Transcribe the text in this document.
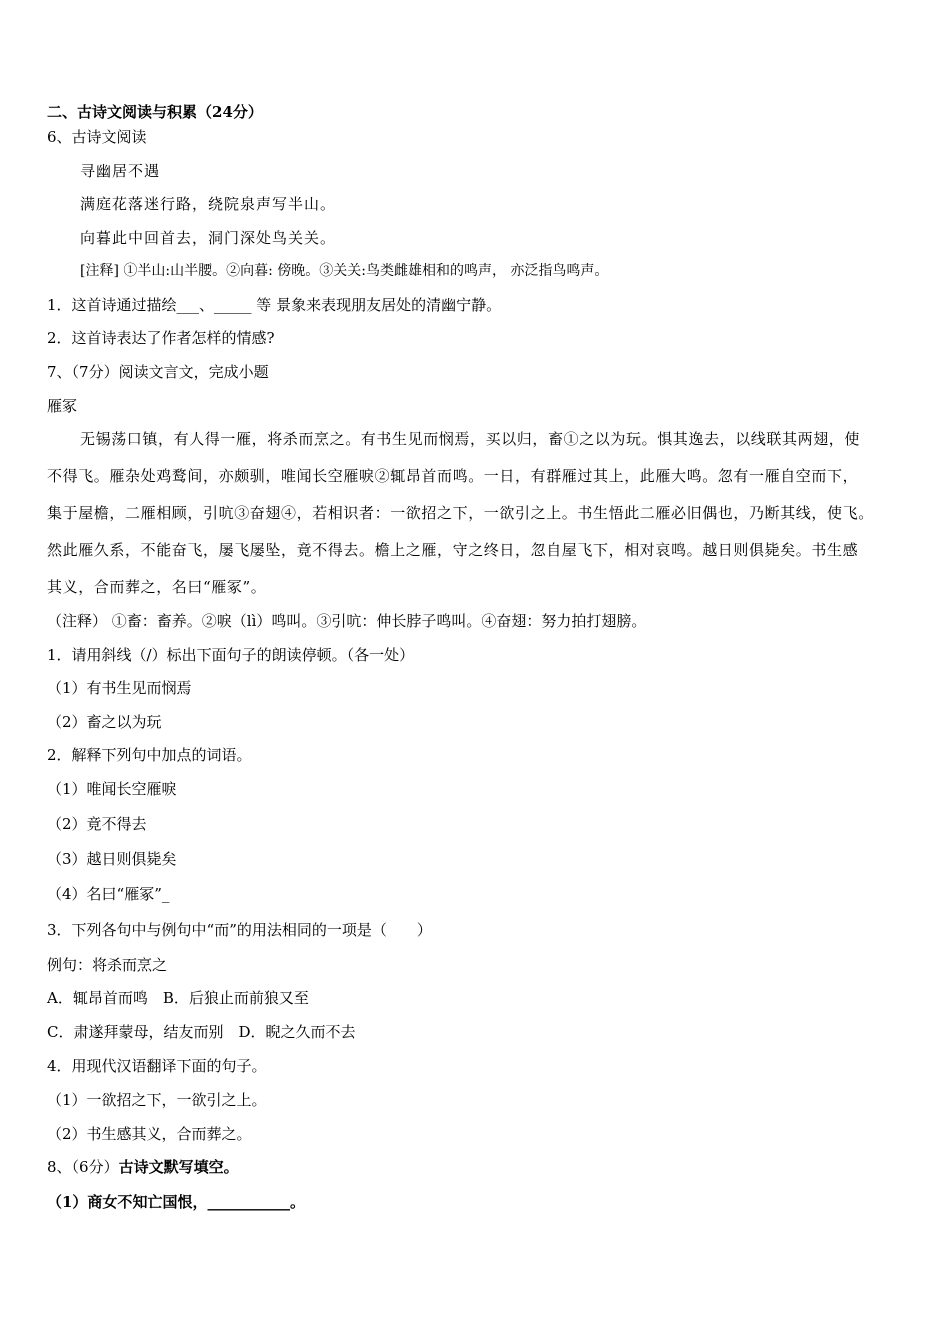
二、古诗文阅读与积累（24分）
6、古诗文阅读
寻幽居不遇
满庭花落迷行路，绕院泉声写半山。
向暮此中回首去，洞门深处鸟关关。
[注释] ①半山:山半腰。②向暮: 傍晚。③关关:鸟类雌雄相和的鸣声， 亦泛指鸟鸣声。
1．这首诗通过描绘___、_____ 等 景象来表现朋友居处的清幽宁静。
2．这首诗表达了作者怎样的情感?
7、（7分）阅读文言文，完成小题
雁冢
无锡荡口镇，有人得一雁，将杀而烹之。有书生见而悯焉，买以归，畜①之以为玩。惧其逸去，以线联其两翅，使
不得飞。雁杂处鸡鹜间，亦颇驯，唯闻长空雁唳②辄昂首而鸣。一日，有群雁过其上，此雁大鸣。忽有一雁自空而下，
集于屋檐，二雁相顾，引吭③奋翅④，若相识者：一欲招之下，一欲引之上。书生悟此二雁必旧偶也，乃断其线，使飞。
然此雁久系，不能奋飞，屡飞屡坠，竟不得去。檐上之雁，守之终日，忽自屋飞下，相对哀鸣。越日则俱毙矣。书生感
其义，合而葬之，名曰“雁冢”。
（注释） ①畜：畜养。②唳（lì）鸣叫。③引吭：伸长脖子鸣叫。④奋翅：努力拍打翅膀。
1．请用斜线（/）标出下面句子的朗读停顿。（各一处）
（1）有书生见而悯焉
（2）畜之以为玩
2．解释下列句中加点的词语。
（1）唯闻长空雁唳
（2）竟不得去
（3）越日则俱毙矣
（4）名曰“雁冢”_
3．下列各句中与例句中“而”的用法相同的一项是（　　）
例句：将杀而烹之
A．辄昂首而鸣　B．后狼止而前狼又至
C．肃遂拜蒙母，结友而别　D．睨之久而不去
4．用现代汉语翻译下面的句子。
（1）一欲招之下，一欲引之上。
（2）书生感其义，合而葬之。
8、（6分）古诗文默写填空。
（1）商女不知亡国恨，___________。
